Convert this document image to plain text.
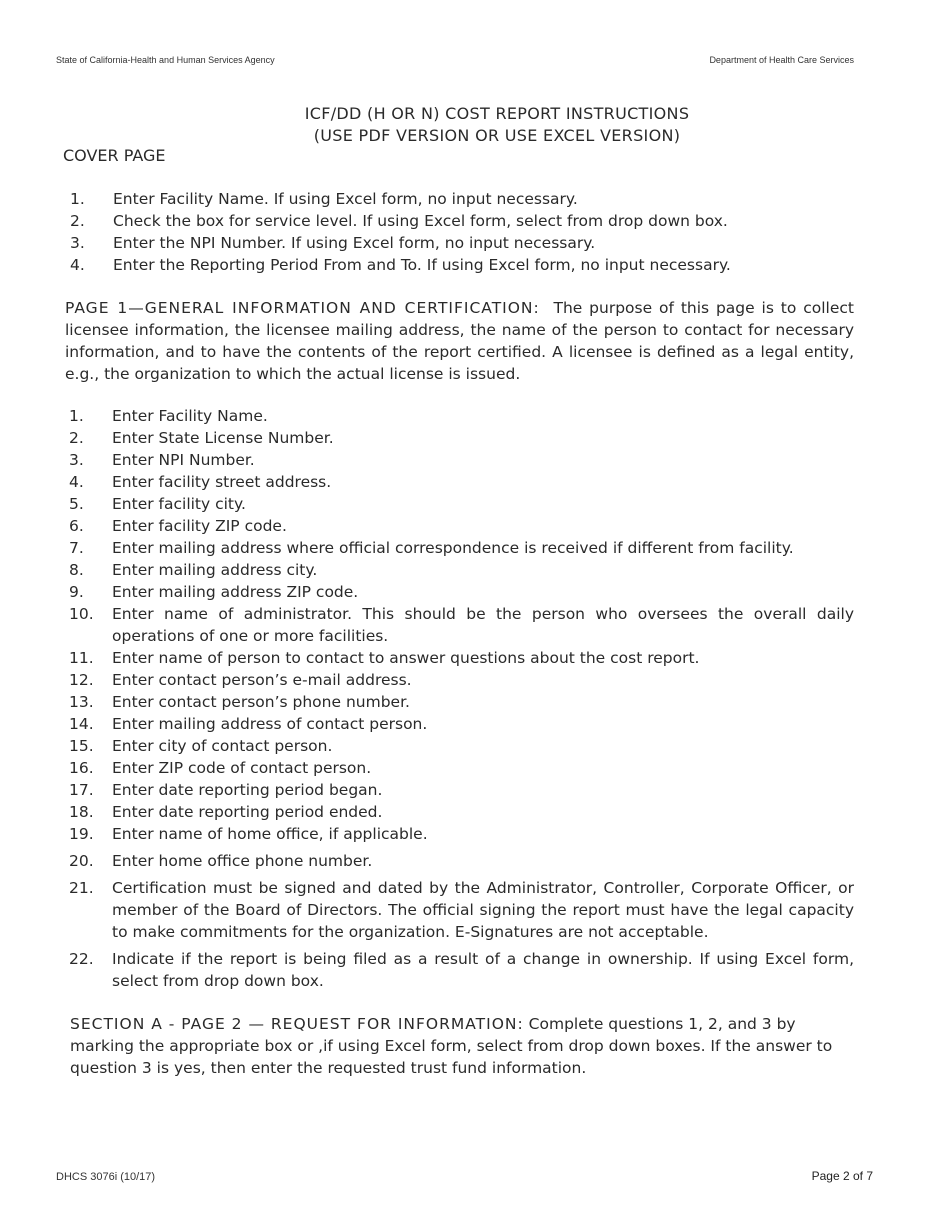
State of California-Health and Human Services Agency	Department of Health Care Services
ICF/DD (H OR N) COST REPORT INSTRUCTIONS
(USE PDF VERSION OR USE EXCEL VERSION)
COVER PAGE
1. Enter Facility Name. If using Excel form, no input necessary.
2. Check the box for service level. If using Excel form, select from drop down box.
3. Enter the NPI Number. If using Excel form, no input necessary.
4. Enter the Reporting Period From and To. If using Excel form, no input necessary.
PAGE 1—GENERAL INFORMATION AND CERTIFICATION: The purpose of this page is to collect licensee information, the licensee mailing address, the name of the person to contact for necessary information, and to have the contents of the report certified. A licensee is defined as a legal entity, e.g., the organization to which the actual license is issued.
1. Enter Facility Name.
2. Enter State License Number.
3. Enter NPI Number.
4. Enter facility street address.
5. Enter facility city.
6. Enter facility ZIP code.
7. Enter mailing address where official correspondence is received if different from facility.
8. Enter mailing address city.
9. Enter mailing address ZIP code.
10. Enter name of administrator. This should be the person who oversees the overall daily operations of one or more facilities.
11. Enter name of person to contact to answer questions about the cost report.
12. Enter contact person’s e-mail address.
13. Enter contact person’s phone number.
14. Enter mailing address of contact person.
15. Enter city of contact person.
16. Enter ZIP code of contact person.
17. Enter date reporting period began.
18. Enter date reporting period ended.
19. Enter name of home office, if applicable.
20. Enter home office phone number.
21. Certification must be signed and dated by the Administrator, Controller, Corporate Officer, or member of the Board of Directors. The official signing the report must have the legal capacity to make commitments for the organization. E-Signatures are not acceptable.
22. Indicate if the report is being filed as a result of a change in ownership. If using Excel form, select from drop down box.
SECTION A - PAGE 2 — REQUEST FOR INFORMATION: Complete questions 1, 2, and 3 by marking the appropriate box or ,if using Excel form, select from drop down boxes. If the answer to question 3 is yes, then enter the requested trust fund information.
DHCS 3076i (10/17)	Page 2 of 7
